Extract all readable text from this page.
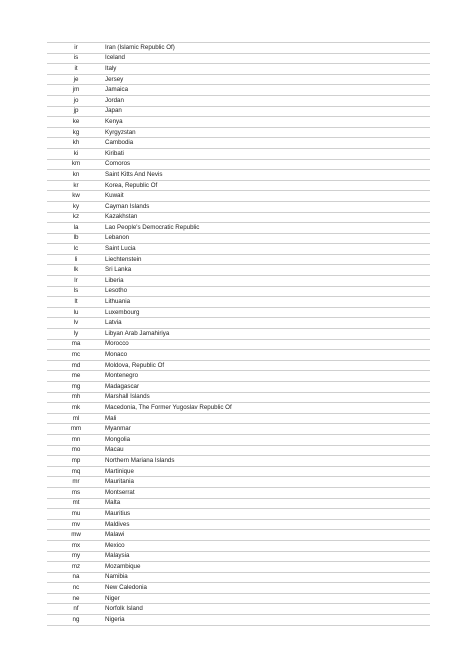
ir	Iran (Islamic Republic Of)
is	Iceland
it	Italy
je	Jersey
jm	Jamaica
jo	Jordan
jp	Japan
ke	Kenya
kg	Kyrgyzstan
kh	Cambodia
ki	Kiribati
km	Comoros
kn	Saint Kitts And Nevis
kr	Korea, Republic Of
kw	Kuwait
ky	Cayman Islands
kz	Kazakhstan
la	Lao People's Democratic Republic
lb	Lebanon
lc	Saint Lucia
li	Liechtenstein
lk	Sri Lanka
lr	Liberia
ls	Lesotho
lt	Lithuania
lu	Luxembourg
lv	Latvia
ly	Libyan Arab Jamahiriya
ma	Morocco
mc	Monaco
md	Moldova, Republic Of
me	Montenegro
mg	Madagascar
mh	Marshall Islands
mk	Macedonia, The Former Yugoslav Republic Of
ml	Mali
mm	Myanmar
mn	Mongolia
mo	Macau
mp	Northern Mariana Islands
mq	Martinique
mr	Mauritania
ms	Montserrat
mt	Malta
mu	Mauritius
mv	Maldives
mw	Malawi
mx	Mexico
my	Malaysia
mz	Mozambique
na	Namibia
nc	New Caledonia
ne	Niger
nf	Norfolk Island
ng	Nigeria
